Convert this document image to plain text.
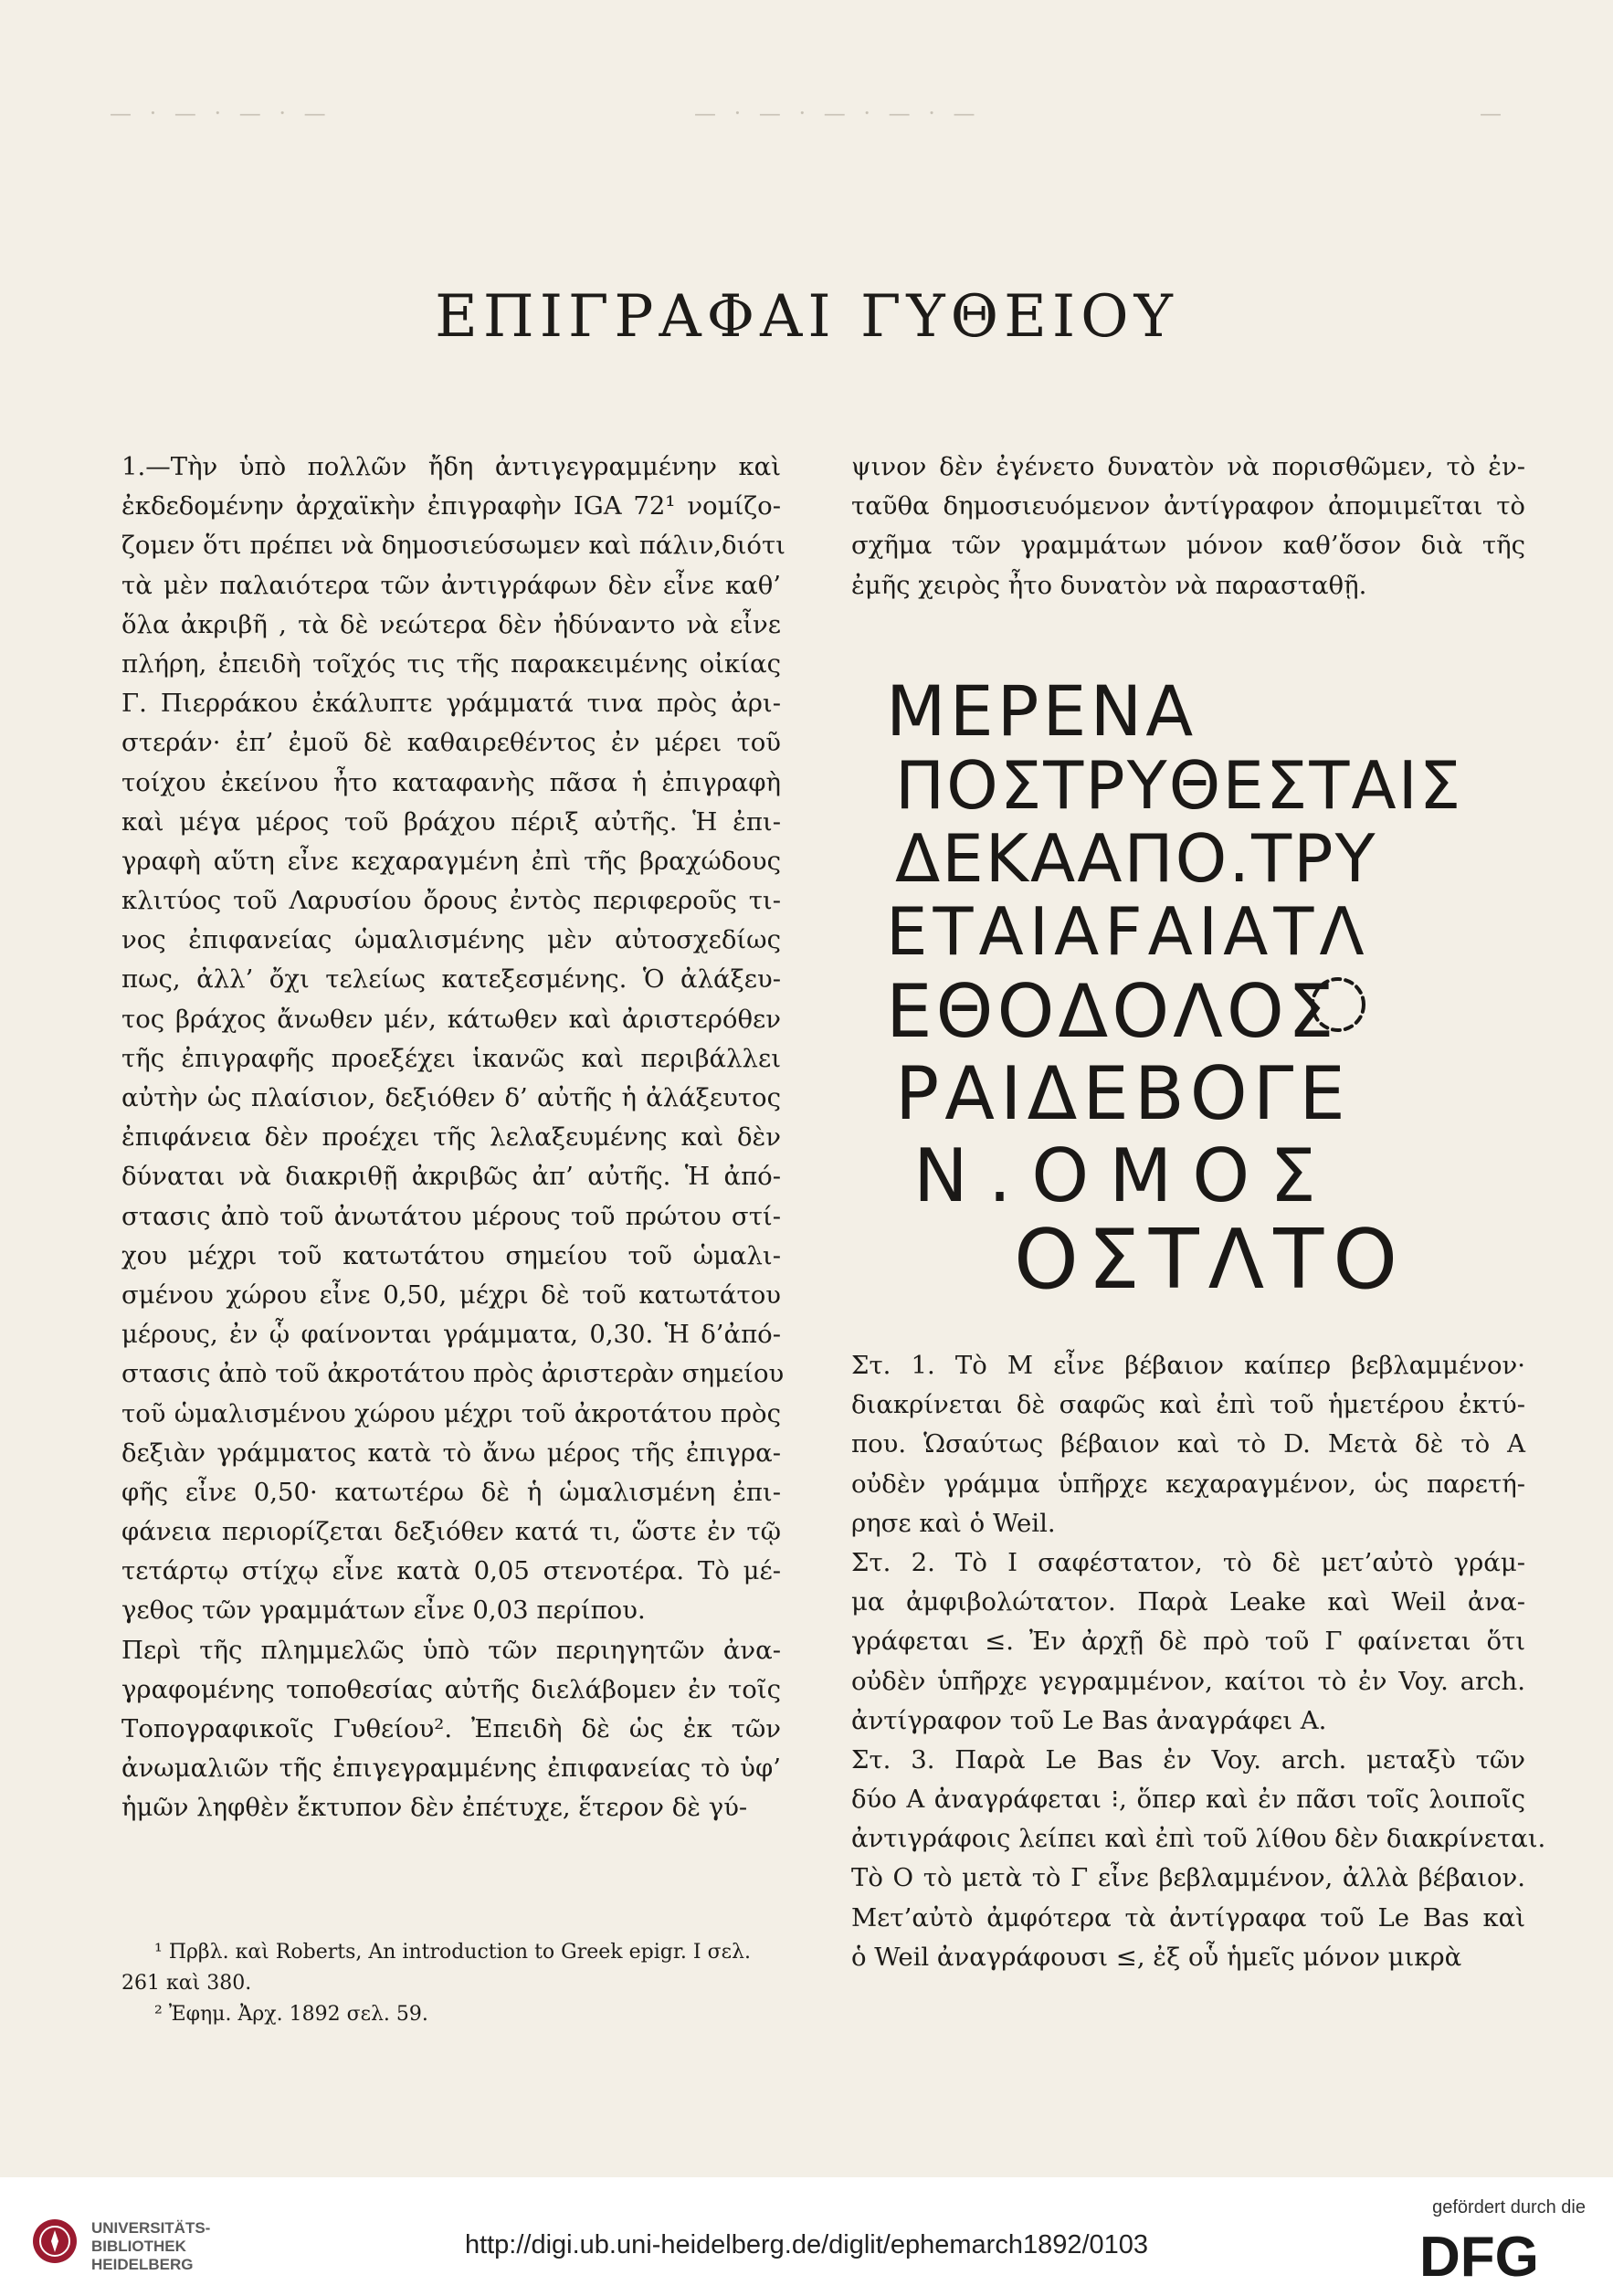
— · — · — · —	— · — · — · — · —	—
ΕΠΙΓΡΑΦΑΙ ΓΥΘΕΙΟΥ
1.—Τὴν ὑπὸ πολλῶν ἤδη ἀντιγεγραμμένην καὶ
ἐκδεδομένην ἀρχαϊκὴν ἐπιγραφὴν IGA 72¹ νομίζο-
ζομεν ὅτι πρέπει νὰ δημοσιεύσωμεν καὶ πάλιν,διότι
τὰ μὲν παλαιότερα τῶν ἀντιγράφων δὲν εἶνε καθ’
ὅλα ἀκριβῆ , τὰ δὲ νεώτερα δὲν ἠδύναντο νὰ εἶνε
πλήρη, ἐπειδὴ τοῖχός τις τῆς παρακειμένης οἰκίας
Γ. Πιερράκου ἐκάλυπτε γράμματά τινα πρὸς ἀρι-
στεράν· ἐπ’ ἐμοῦ δὲ καθαιρεθέντος ἐν μέρει τοῦ
τοίχου ἐκείνου ἦτο καταφανὴς πᾶσα ἡ ἐπιγραφὴ
καὶ μέγα μέρος τοῦ βράχου πέριξ αὐτῆς. Ἡ ἐπι-
γραφὴ αὕτη εἶνε κεχαραγμένη ἐπὶ τῆς βραχώδους
κλιτύος τοῦ Λαρυσίου ὄρους ἐντὸς περιφεροῦς τι-
νος ἐπιφανείας ὡμαλισμένης μὲν αὐτοσχεδίως
πως, ἀλλ’ ὄχι τελείως κατεξεσμένης. Ὁ ἀλάξευ-
τος βράχος ἄνωθεν μέν, κάτωθεν καὶ ἀριστερόθεν
τῆς ἐπιγραφῆς προεξέχει ἱκανῶς καὶ περιβάλλει
αὐτὴν ὡς πλαίσιον, δεξιόθεν δ’ αὐτῆς ἡ ἀλάξευτος
ἐπιφάνεια δὲν προέχει τῆς λελαξευμένης καὶ δὲν
δύναται νὰ διακριθῇ ἀκριβῶς ἀπ’ αὐτῆς. Ἡ ἀπό-
στασις ἀπὸ τοῦ ἀνωτάτου μέρους τοῦ πρώτου στί-
χου μέχρι τοῦ κατωτάτου σημείου τοῦ ὡμαλι-
σμένου χώρου εἶνε 0,50, μέχρι δὲ τοῦ κατωτάτου
μέρους, ἐν ᾧ φαίνονται γράμματα, 0,30. Ἡ δ’ἀπό-
στασις ἀπὸ τοῦ ἀκροτάτου πρὸς ἀριστερὰν σημείου
τοῦ ὡμαλισμένου χώρου μέχρι τοῦ ἀκροτάτου πρὸς
δεξιὰν γράμματος κατὰ τὸ ἄνω μέρος τῆς ἐπιγρα-
φῆς εἶνε 0,50· κατωτέρω δὲ ἡ ὡμαλισμένη ἐπι-
φάνεια περιορίζεται δεξιόθεν κατά τι, ὥστε ἐν τῷ
τετάρτῳ στίχῳ εἶνε κατὰ 0,05 στενοτέρα. Τὸ μέ-
γεθος τῶν γραμμάτων εἶνε 0,03 περίπου.
Περὶ τῆς πλημμελῶς ὑπὸ τῶν περιηγητῶν ἀνα-
γραφομένης τοποθεσίας αὐτῆς διελάβομεν ἐν τοῖς
Τοπογραφικοῖς Γυθείου². Ἐπειδὴ δὲ ὡς ἐκ τῶν
ἀνωμαλιῶν τῆς ἐπιγεγραμμένης ἐπιφανείας τὸ ὑφ’
ἡμῶν ληφθὲν ἔκτυπον δὲν ἐπέτυχε, ἕτερον δὲ γύ-
ψινον δὲν ἐγένετο δυνατὸν νὰ πορισθῶμεν, τὸ ἐν-
ταῦθα δημοσιευόμενον ἀντίγραφον ἀπομιμεῖται τὸ
σχῆμα τῶν γραμμάτων μόνον καθ’ὅσον διὰ τῆς
ἐμῆς χειρὸς ἦτο δυνατὸν νὰ παρασταθῇ.
ΜΕΡΕΝΑ
ΠΟΣΤΡΥΘΕΣΤΑΙΣ
ΔΕΚΑΑΠΟ.ΤΡΥ
ΕΤΑΙΑFΑΙΑΤΛ
ΕΘΟΔΟΛΟΣ
ΡΑΙΔΕΒΟΓΕ
Ν.ΟΜΟΣ
ΟΣΤΛΤΟ
Στ. 1. Τὸ Μ εἶνε βέβαιον καίπερ βεβλαμμένον·
διακρίνεται δὲ σαφῶς καὶ ἐπὶ τοῦ ἡμετέρου ἐκτύ-
που. Ὡσαύτως βέβαιον καὶ τὸ D. Μετὰ δὲ τὸ Α
οὐδὲν γράμμα ὑπῆρχε κεχαραγμένον, ὡς παρετή-
ρησε καὶ ὁ Weil.
Στ. 2. Τὸ Ι σαφέστατον, τὸ δὲ μετ’αὐτὸ γράμ-
μα ἀμφιβολώτατον. Παρὰ Leake καὶ Weil ἀνα-
γράφεται ≤. Ἐν ἀρχῇ δὲ πρὸ τοῦ Γ φαίνεται ὅτι
οὐδὲν ὑπῆρχε γεγραμμένον, καίτοι τὸ ἐν Voy. arch.
ἀντίγραφον τοῦ Le Bas ἀναγράφει Α.
Στ. 3. Παρὰ Le Bas ἐν Voy. arch. μεταξὺ τῶν
δύο Α ἀναγράφεται ⁝, ὅπερ καὶ ἐν πᾶσι τοῖς λοιποῖς
ἀντιγράφοις λείπει καὶ ἐπὶ τοῦ λίθου δὲν διακρίνεται.
Τὸ Ο τὸ μετὰ τὸ Γ εἶνε βεβλαμμένον, ἀλλὰ βέβαιον.
Μετ’αὐτὸ ἀμφότερα τὰ ἀντίγραφα τοῦ Le Bas καὶ
ὁ Weil ἀναγράφουσι ≤, ἐξ οὗ ἡμεῖς μόνον μικρὰ
¹ Πρβλ. καὶ Roberts, An introduction to Greek epigr. I σελ.
261 καὶ 380.
² Ἐφημ. Ἀρχ. 1892 σελ. 59.
UNIVERSITÄTS-
BIBLIOTHEK
HEIDELBERG
http://digi.ub.uni-heidelberg.de/diglit/ephemarch1892/0103
gefördert durch die
DFG
